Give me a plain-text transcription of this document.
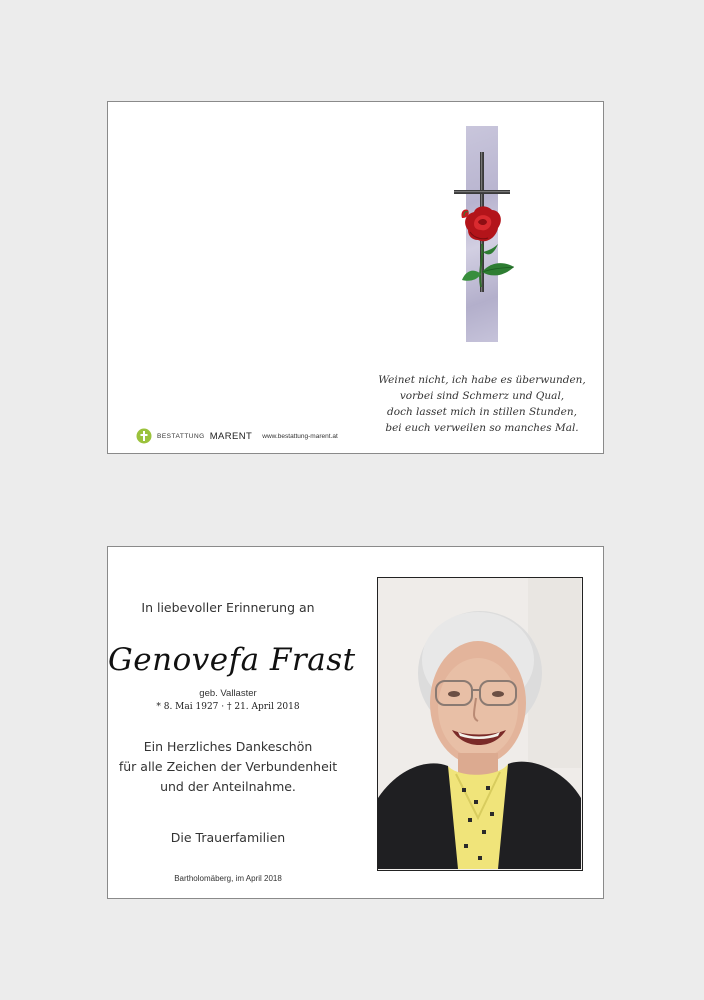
Weinet nicht, ich habe es überwunden,
vorbei sind Schmerz und Qual,
doch lasset mich in stillen Stunden,
bei euch verweilen so manches Mal.
BESTATTUNG MARENT www.bestattung-marent.at
In liebevoller Erinnerung an
Genovefa Frast
geb. Vallaster
* 8. Mai 1927 · † 21. April 2018
Ein Herzliches Dankeschön
für alle Zeichen der Verbundenheit
und der Anteilnahme.
Die Trauerfamilien
Bartholomäberg, im April 2018
